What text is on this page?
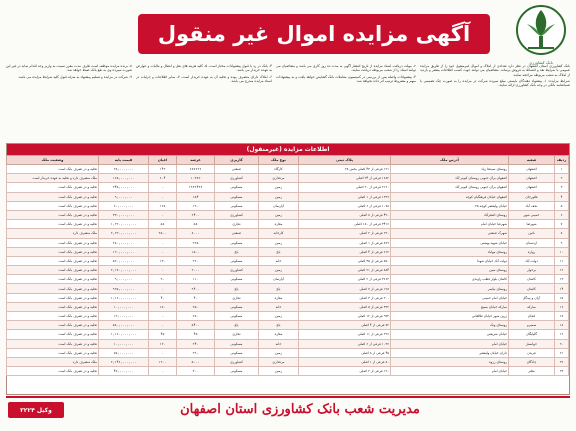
آگهی مزایده اموال غیر منقول
بانک کشاورزی

بانک کشاورزی استان اصفهان در نظر دارد تعدادی از املاک و اموال غیرمنقول خود را از طریق مزایده عمومی با شرایط نقد و اقساط به فروش برساند. متقاضیان می توانند جهت کسب اطلاعات بیشتر و بازدید از املاک به شعب مربوطه مراجعه نمایند.

شرایط مزایده: ۱- پیشنهاد دهندگان بایستی مبلغ سپرده شرکت در مزایده را به صورت چک تضمینی یا ضمانتنامه بانکی در وجه بانک کشاورزی ارائه نمایند.

۲- مهلت دریافت اسناد مزایده از تاریخ انتشار آگهی به مدت ده روز کاری می باشد و متقاضیان می توانند اسناد را از شعب مربوطه دریافت نمایند.

۳- پیشنهادات واصله پس از بررسی در کمیسیون معاملات بانک گشایش خواهد یافت و به پیشنهادات مبهم و مشروط ترتیب اثر داده نخواهد شد.

۴- بانک در رد یا قبول پیشنهادات مختار است. ۵- کلیه هزینه های نقل و انتقال و مالیات و عوارض به عهده خریدار می باشد.

۶- املاک دارای متصرف بوده و تخلیه آن به عهده خریدار است. ۷- سایر اطلاعات و جزئیات در اسناد مزایده مندرج می باشد.

۸- برنده مزایده موظف است ظرف مدت مقرر نسبت به واریز وجه اقدام نماید در غیر این صورت سپرده وی به نفع بانک ضبط خواهد شد.

۹- شرکت در مزایده و تسلیم پیشنهاد به منزله قبول کلیه شرایط مزایده می باشد.

اطلاعات مزایده (غیرمنقول)
ردیف	شعبه	آدرس ملک	پلاک ثبتی	نوع ملک	کاربری	عرصه	اعیان	قیمت پایه	وضعیت ملک
۱	اصفهان	روستای سیدها زیاد	۱۲۱ فرعی از ۴۳ اصلی بخش ۲۸	کارگاه	صنعتی	۶۸۷۶۲۶	۱۴۲	۲۸,۰۰۰,۰۰۰	تخلیه و در تصرف بانک است
۲	اصفهان	اصفهان برآن جنوبی روستای کبوتر آباد	۱۶۸۲ فرعی از ۲۴ اصلی	مرغداری	کشاورزی	۱۰۳۸۲	۶۰۴	۱۶۵,۰۰۰,۰۰۰	ملک متصرف دارد و تخلیه به عهده خریدار است
۳	اصفهان	اصفهان برآن جنوبی روستای کبوتر آباد	۲۱۹۰ فرعی از ۲۰ اصلی	زمین	مسکونی	۱۹۳۶۴۳۶	۰	۲۴۵,۰۰۰,۰۰۰	تخلیه و در تصرف بانک است
۴	فلاورجان	اصفهان خیابان فرهنگیان کوچه	۱۳۹۹ فرعی از ۱ اصلی	زمین	مسکونی	۱۵۴	۰	۹,۰۰۰,۰۰۰	تخلیه و در تصرف بانک است
۵	نجف آباد	خیابان ولیعصر کوچه ۲۵	۱۰۷۸ فرعی از ۶ اصلی	آپارتمان	مسکونی	۱۹۰	۱۲۸	۶۰,۰۰۰,۰۰۰	تخلیه و در تصرف بانک است
۶	خمینی شهر	روستای اصغرآباد	۴۲۰ فرعی از ۸ اصلی	زمین	کشاورزی	۲۴۰۰	۰	۳۳۰,۰۰۰,۰۰۰	تخلیه و در تصرف بانک است
۷	شهرضا	شهرضا خیابان امام	۳۴۱۶ فرعی از ۱۸۰ اصلی	مغازه	تجاری	۵۸	۵۸	۱,۲۲۰,۰۰۰,۰۰۰	تخلیه و در تصرف بانک است
۸	نائین	شهرک صنعتی	۲۲۰ فرعی از ۲ اصلی	کارخانه	صنعتی	۸۰۰۰	۲۵۰۰	۲,۲۲۰,۰۰۰,۰۰۰	ملک متصرف دارد
۹	اردستان	خیابان شهید بهشتی	۸۲۹ فرعی از ۱ اصلی	زمین	مسکونی	۲۲۵	۰	۲۸۰,۰۰۰,۰۰۰	تخلیه و در تصرف بانک است
۱۰	زواره	روستای مهاباد	۶۱۲ فرعی از ۴ اصلی	باغ	باغ	۱۵۰۰	۰	۱۲۰,۰۰۰,۰۰۰	تخلیه و در تصرف بانک است
۱۱	دولت آباد	دولت آباد خیابان شهدا	۵۷۰ فرعی از ۳۵ اصلی	خانه	مسکونی	۲۲۰	۱۳۰	۵۲۰,۰۰۰,۰۰۰	تخلیه و در تصرف بانک است
۱۲	برخوار	روستای سین	۸۸۴ فرعی از ۲۱ اصلی	زمین	کشاورزی	۲۰۰۰	۰	۲,۱۷۰,۰۰۰,۰۰۰	تخلیه و در تصرف بانک است
۱۳	کاشان	کاشان بلوار قطب راوندی	۳۶۶۲ فرعی از ۲ اصلی	آپارتمان	مسکونی	۱۱۰	۹۰	۹,۰۰۰,۰۰۰	تخلیه و در تصرف بانک است
۱۴	کاشان	روستای نیاسر	۱۲۸ فرعی از ۷ اصلی	باغ	باغ	۹۴۰۰	۰	۹۲۵,۰۰۰,۰۰۰	تخلیه و در تصرف بانک است
۱۵	آران و بیدگل	خیابان امام خمینی	۲۰۰ فرعی از ۳ اصلی	مغازه	تجاری	۴۰	۴۰	۱,۱۶۰,۰۰۰,۰۰۰	تخلیه و در تصرف بانک است
۱۶	مبارکه	مبارکه خیابان بسیج	۳۲۲ فرعی از ۵ اصلی	خانه	مسکونی	۲۵۰	۱۸۰	۱۰,۰۰۰,۰۰۰	تخلیه و در تصرف بانک است
۱۷	لنجان	زرین شهر خیابان طالقانی	۹۳۲ فرعی از ۱۲ اصلی	زمین	مسکونی	۲۸۰	۰	۱۲,۰۰۰,۰۰۰	تخلیه و در تصرف بانک است
۱۸	سمیرم	روستای ونک	۷۲ فرعی از ۴ اصلی	باغ	باغ	۵۴۰۰	۰	۵۸۰,۰۰۰,۰۰۰	تخلیه و در تصرف بانک است
۱۹	گلپایگان	خیابان شریعتی	۲۲۶ فرعی از ۱۱ اصلی	مغازه	تجاری	۴۵	۴۵	۱,۱۶۰,۰۰۰,۰۰۰	تخلیه و در تصرف بانک است
۲۰	خوانسار	خیابان امام	۱۰۳۶ فرعی از ۶ اصلی	خانه	مسکونی	۲۴۰	۱۲۰	۱۰,۰۰۰,۰۰۰	تخلیه و در تصرف بانک است
۲۱	فریدن	داران خیابان ولیعصر	۴۵ فرعی از ۸ اصلی	زمین	مسکونی	۲۹۰	۰	۷۵,۰۰۰,۰۰۰	تخلیه و در تصرف بانک است
۲۲	چادگان	روستای رزوه	۸۰ فرعی از ۱ اصلی	مرغداری	کشاورزی	۵۰۰۰	۱۲۰۰	۲,۱۴۶,۰۰۰,۰۰۰	ملک متصرف دارد
۲۳	نطنز	خیابان امام	۱۲۰ فرعی از ۲ اصلی	زمین	مسکونی	۳۰۰	۰	۴۸,۰۰۰,۰۰۰	تخلیه و در تصرف بانک است
مدیریت شعب بانک کشاورزی استان اصفهان
وکیل ۳۲۲۴
